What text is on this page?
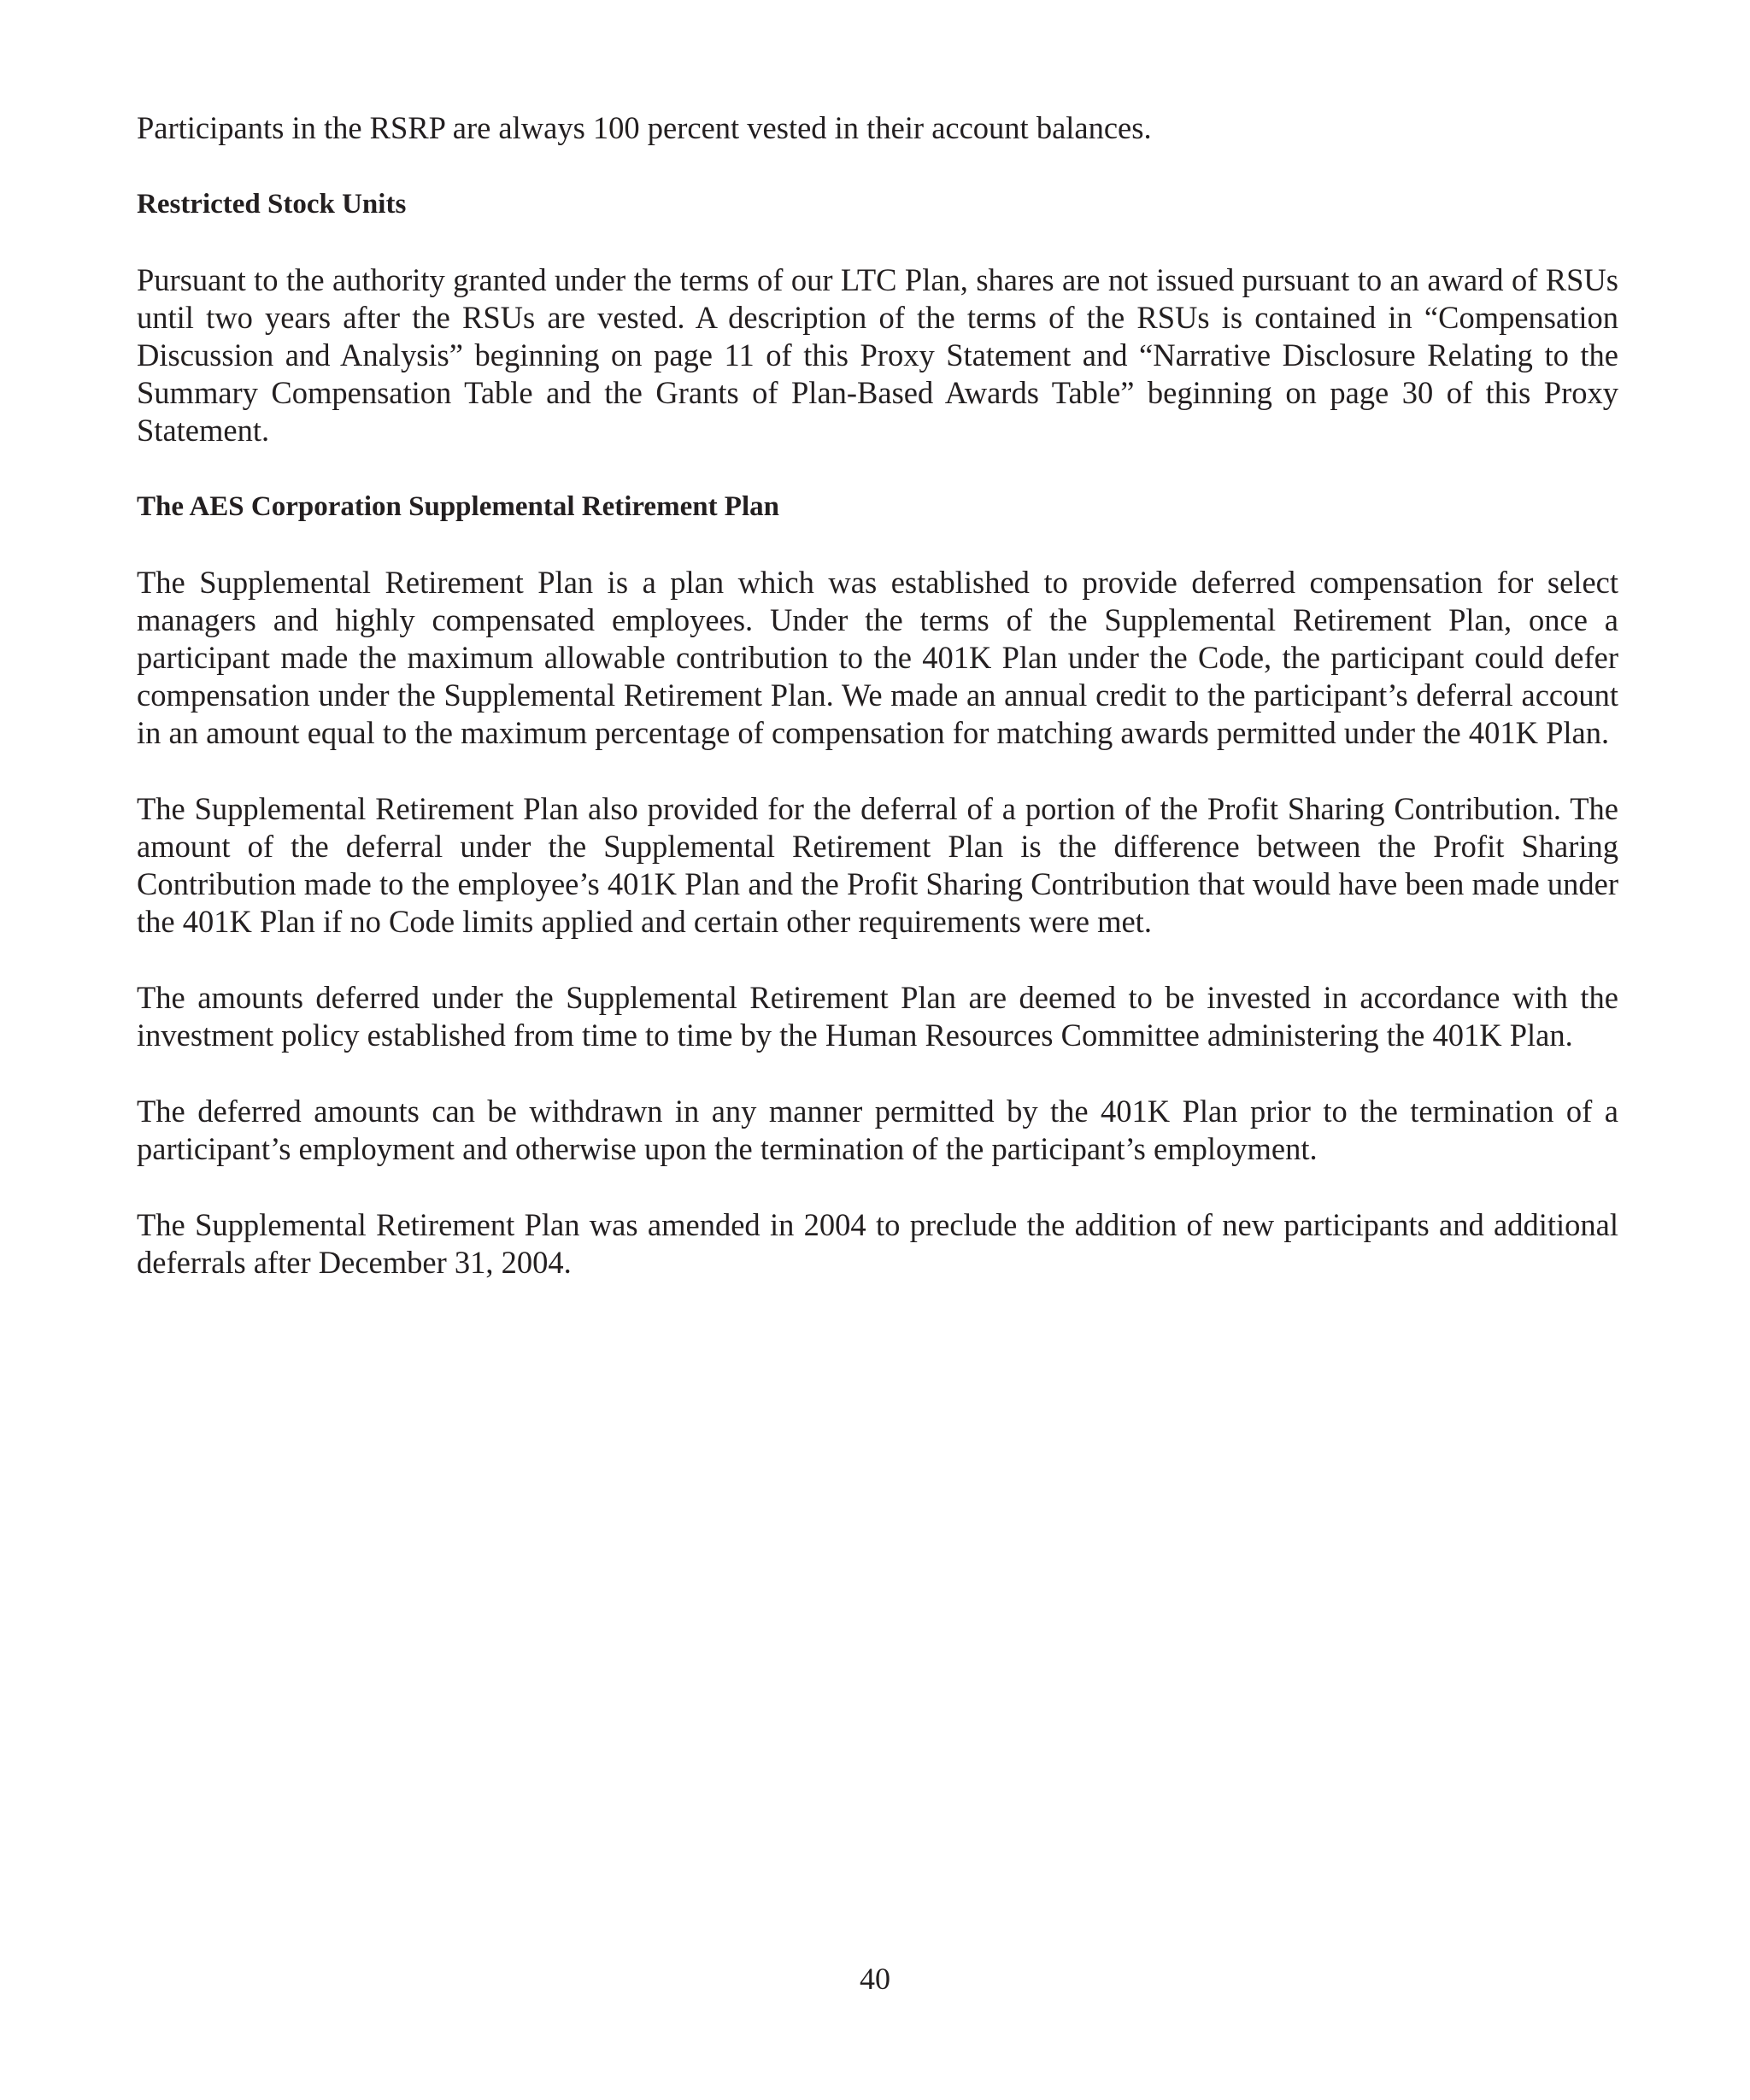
Participants in the RSRP are always 100 percent vested in their account balances.

Restricted Stock Units

Pursuant to the authority granted under the terms of our LTC Plan, shares are not issued pursuant to an award of RSUs until two years after the RSUs are vested. A description of the terms of the RSUs is contained in “Compensation Discussion and Analysis” beginning on page 11 of this Proxy Statement and “Narrative Disclosure Relating to the Summary Compensation Table and the Grants of Plan-Based Awards Table” beginning on page 30 of this Proxy Statement.

The AES Corporation Supplemental Retirement Plan

The Supplemental Retirement Plan is a plan which was established to provide deferred compensation for select managers and highly compensated employees. Under the terms of the Supplemental Retirement Plan, once a participant made the maximum allowable contribution to the 401K Plan under the Code, the participant could defer compensation under the Supplemental Retirement Plan. We made an annual credit to the participant’s deferral account in an amount equal to the maximum percentage of compensation for matching awards permitted under the 401K Plan.

The Supplemental Retirement Plan also provided for the deferral of a portion of the Profit Sharing Contribution. The amount of the deferral under the Supplemental Retirement Plan is the difference between the Profit Sharing Contribution made to the employee’s 401K Plan and the Profit Sharing Contribution that would have been made under the 401K Plan if no Code limits applied and certain other requirements were met.

The amounts deferred under the Supplemental Retirement Plan are deemed to be invested in accordance with the investment policy established from time to time by the Human Resources Committee administering the 401K Plan.

The deferred amounts can be withdrawn in any manner permitted by the 401K Plan prior to the termination of a participant’s employment and otherwise upon the termination of the participant’s employment.

The Supplemental Retirement Plan was amended in 2004 to preclude the addition of new participants and additional deferrals after December 31, 2004.

40
